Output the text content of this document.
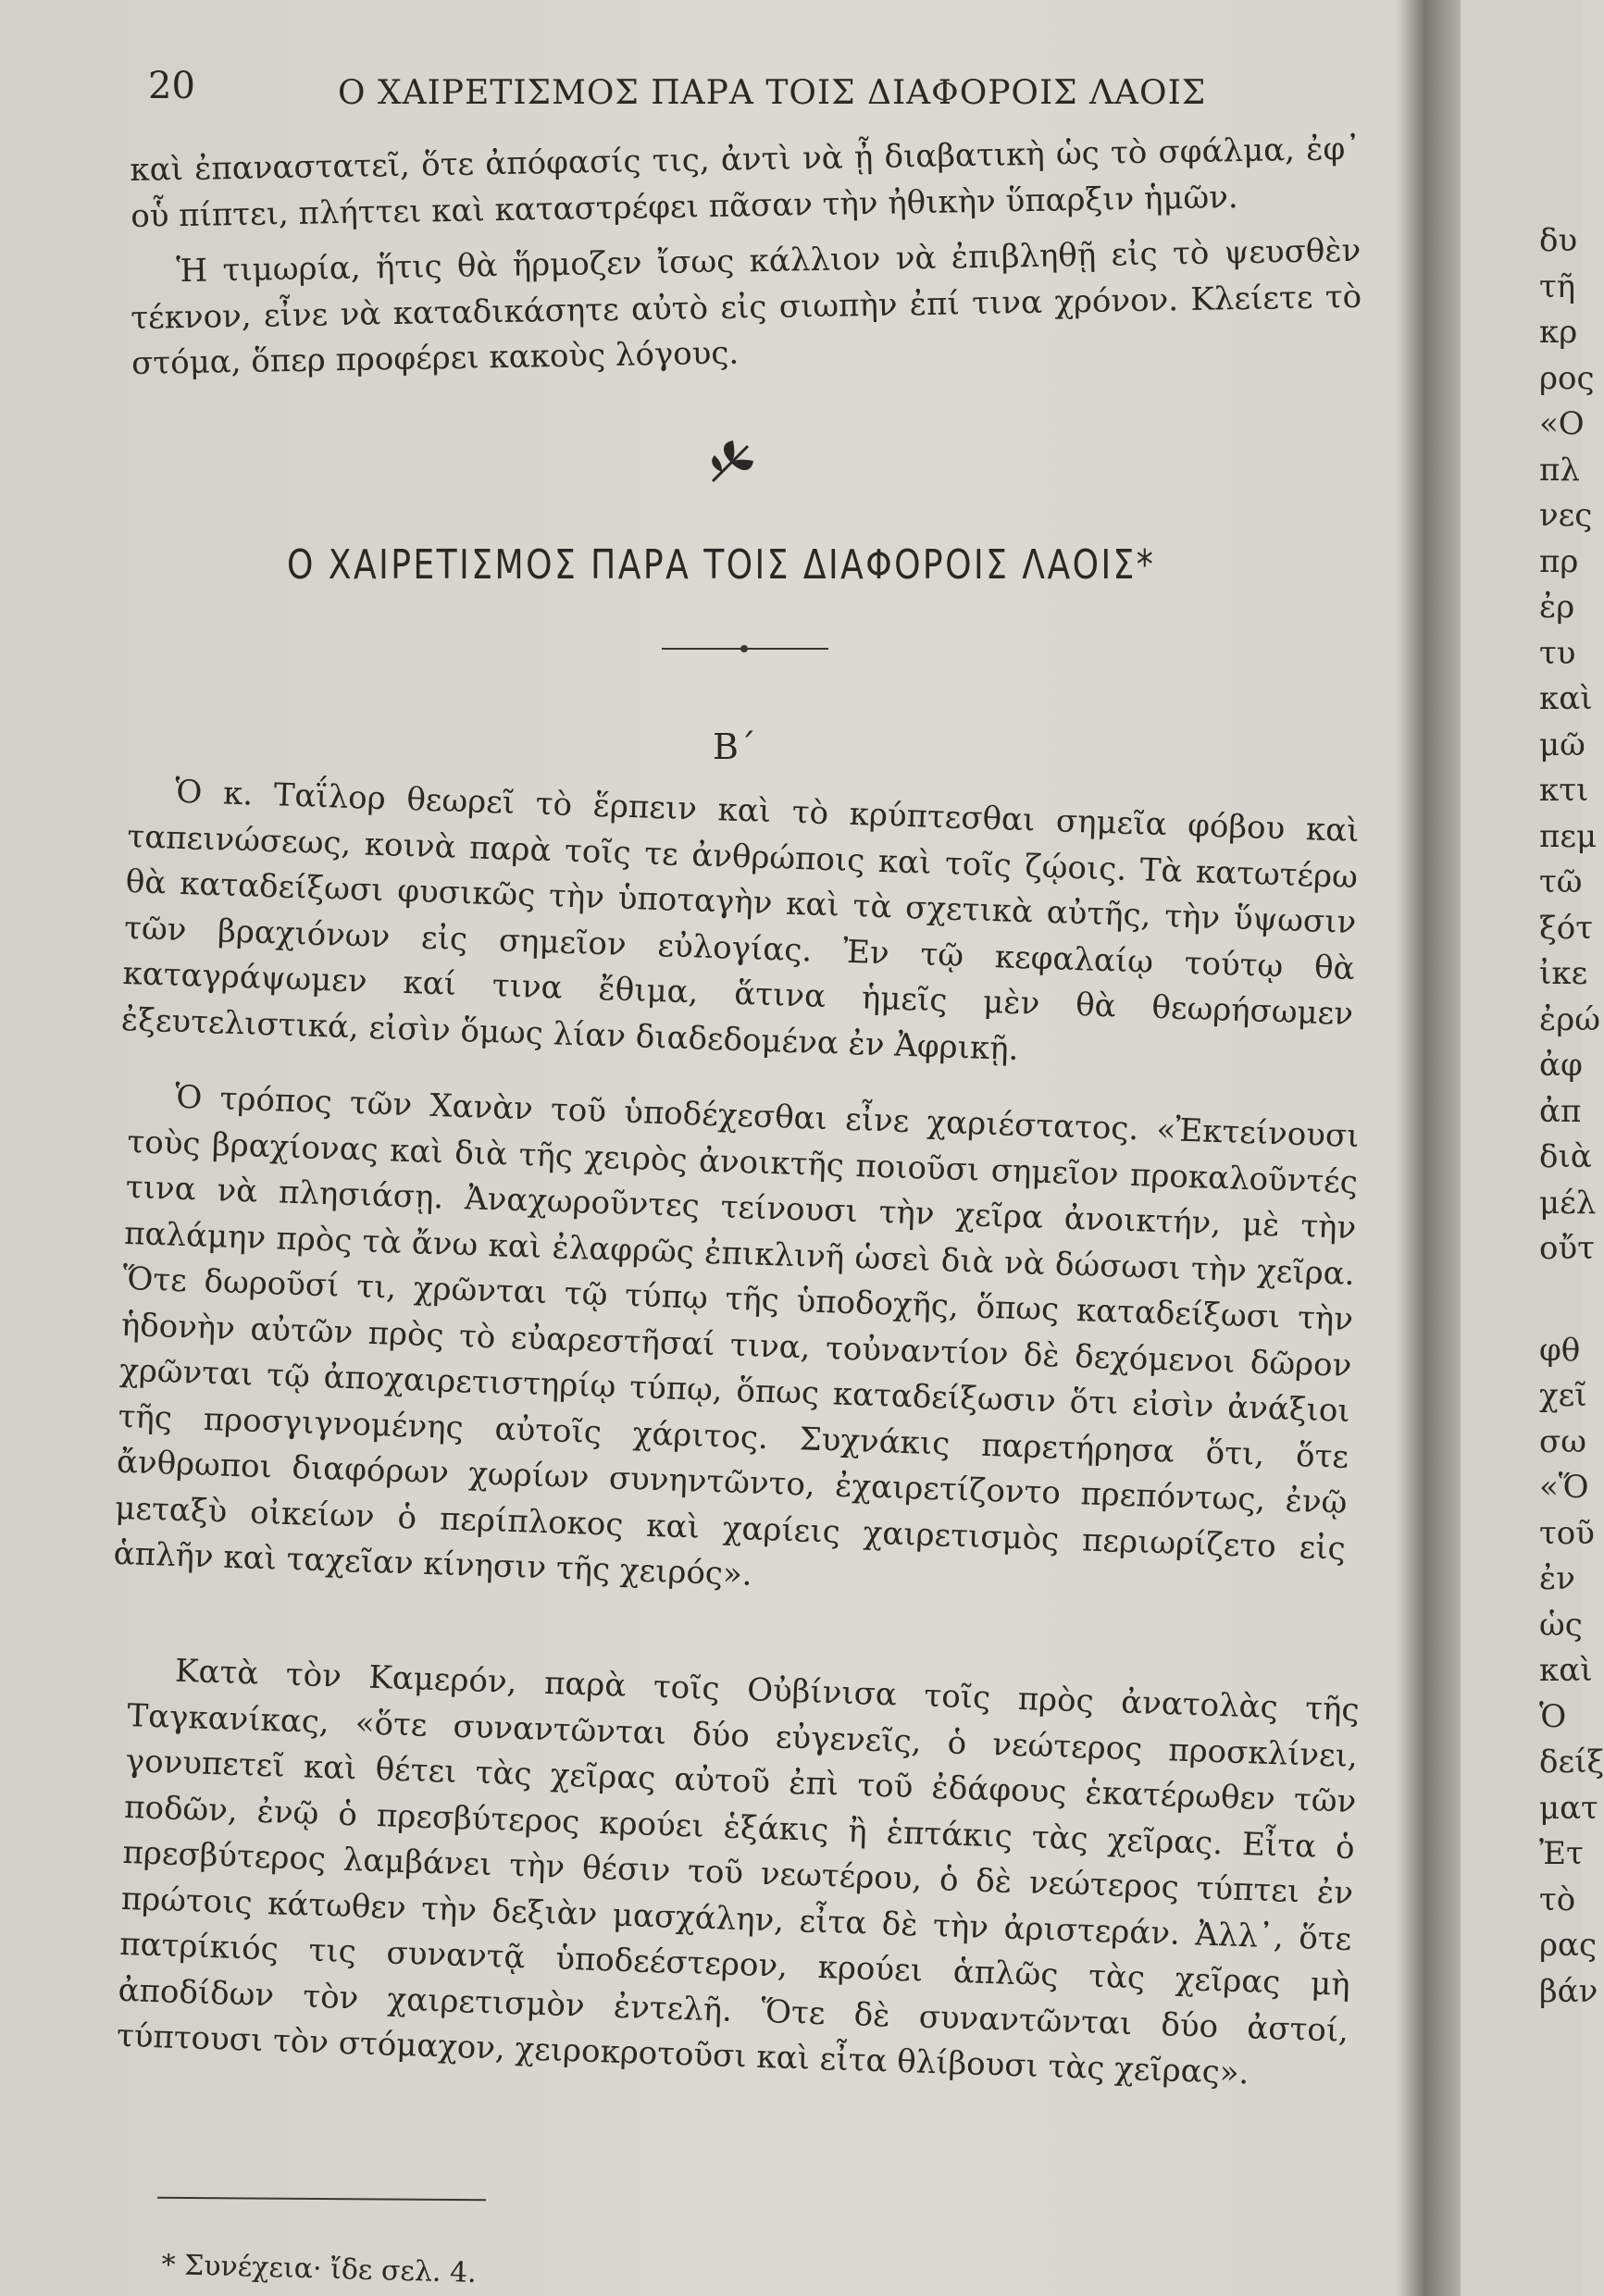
20	Ο ΧΑΙΡΕΤΙΣΜΟΣ ΠΑΡΑ ΤΟΙΣ ΔΙΑΦΟΡΟΙΣ ΛΑΟΙΣ
καὶ ἐπαναστατεῖ, ὅτε ἀπόφασίς τις, ἀντὶ νὰ ᾖ διαβατικὴ ὡς τὸ σφάλμα, ἐφ᾽ οὗ πίπτει, πλήττει καὶ καταστρέφει πᾶσαν τὴν ἠθικὴν ὕπαρξιν ἡμῶν.
Ἡ τιμωρία, ἥτις θὰ ἥρμοζεν ἴσως κάλλιον νὰ ἐπιβληθῇ εἰς τὸ ψευσθὲν τέκνον, εἶνε νὰ καταδικάσητε αὐτὸ εἰς σιωπὴν ἐπί τινα χρόνον. Κλείετε τὸ στόμα, ὅπερ προφέρει κακοὺς λόγους.
Ο ΧΑΙΡΕΤΙΣΜΟΣ ΠΑΡΑ ΤΟΙΣ ΔΙΑΦΟΡΟΙΣ ΛΑΟΙΣ*
Β΄
Ὁ κ. Ταΐλορ θεωρεῖ τὸ ἕρπειν καὶ τὸ κρύπτεσθαι σημεῖα φόβου καὶ ταπεινώσεως, κοινὰ παρὰ τοῖς τε ἀνθρώποις καὶ τοῖς ζῴοις. Τὰ κατωτέρω θὰ καταδείξωσι φυσικῶς τὴν ὑποταγὴν καὶ τὰ σχετικὰ αὐτῆς, τὴν ὕψωσιν τῶν βραχιόνων εἰς σημεῖον εὐλογίας. Ἐν τῷ κεφαλαίῳ τούτῳ θὰ καταγράψωμεν καί τινα ἔθιμα, ἅτινα ἡμεῖς μὲν θὰ θεωρήσωμεν ἐξευτελιστικά, εἰσὶν ὅμως λίαν διαδεδομένα ἐν Ἀφρικῇ.
Ὁ τρόπος τῶν Χανὰν τοῦ ὑποδέχεσθαι εἶνε χαριέστατος. «Ἐκτείνουσι τοὺς βραχίονας καὶ διὰ τῆς χειρὸς ἀνοικτῆς ποιοῦσι σημεῖον προκαλοῦντές τινα νὰ πλησιάσῃ. Ἀναχωροῦντες τείνουσι τὴν χεῖρα ἀνοικτήν, μὲ τὴν παλάμην πρὸς τὰ ἄνω καὶ ἐλαφρῶς ἐπικλινῆ ὡσεὶ διὰ νὰ δώσωσι τὴν χεῖρα. Ὅτε δωροῦσί τι, χρῶνται τῷ τύπῳ τῆς ὑποδοχῆς, ὅπως καταδείξωσι τὴν ἡδονὴν αὐτῶν πρὸς τὸ εὐαρεστῆσαί τινα, τοὐναντίον δὲ δεχόμενοι δῶρον χρῶνται τῷ ἀποχαιρετιστηρίῳ τύπῳ, ὅπως καταδείξωσιν ὅτι εἰσὶν ἀνάξιοι τῆς προσγιγνομένης αὐτοῖς χάριτος. Συχνάκις παρετήρησα ὅτι, ὅτε ἄνθρωποι διαφόρων χωρίων συνηντῶντο, ἐχαιρετίζοντο πρεπόντως, ἐνῷ μεταξὺ οἰκείων ὁ περίπλοκος καὶ χαρίεις χαιρετισμὸς περιωρίζετο εἰς ἁπλῆν καὶ ταχεῖαν κίνησιν τῆς χειρός».
Κατὰ τὸν Καμερόν, παρὰ τοῖς Οὐβίνισα τοῖς πρὸς ἀνατολὰς τῆς Ταγκανίκας, «ὅτε συναντῶνται δύο εὐγενεῖς, ὁ νεώτερος προσκλίνει, γονυπετεῖ καὶ θέτει τὰς χεῖρας αὐτοῦ ἐπὶ τοῦ ἐδάφους ἑκατέρωθεν τῶν ποδῶν, ἐνῷ ὁ πρεσβύτερος κρούει ἑξάκις ἢ ἑπτάκις τὰς χεῖρας. Εἶτα ὁ πρεσβύτερος λαμβάνει τὴν θέσιν τοῦ νεωτέρου, ὁ δὲ νεώτερος τύπτει ἐν πρώτοις κάτωθεν τὴν δεξιὰν μασχάλην, εἶτα δὲ τὴν ἀριστεράν. Ἀλλ᾽, ὅτε πατρίκιός τις συναντᾷ ὑποδεέστερον, κρούει ἁπλῶς τὰς χεῖρας μὴ ἀποδίδων τὸν χαιρετισμὸν ἐντελῆ. Ὅτε δὲ συναντῶνται δύο ἀστοί, τύπτουσι τὸν στόμαχον, χειροκροτοῦσι καὶ εἶτα θλίβουσι τὰς χεῖρας».
* Συνέχεια· ἴδε σελ. 4.
δυ
τῆ
κρ
ρος
«Ο
πλ
νες
πρ
ἐρ
τυ
καὶ
μῶ
κτι
πεμ
τῶ
ξότ
ἰκε
ἐρώ
ἀφ
ἀπ
διὰ
μέλ
οὔτ
φθ
χεῖ
σω
«Ὅ
τοῦ
ἐν
ὡς
καὶ
Ὁ
δείξ
ματ
Ἐτ
τὸ
ρας
βάν
